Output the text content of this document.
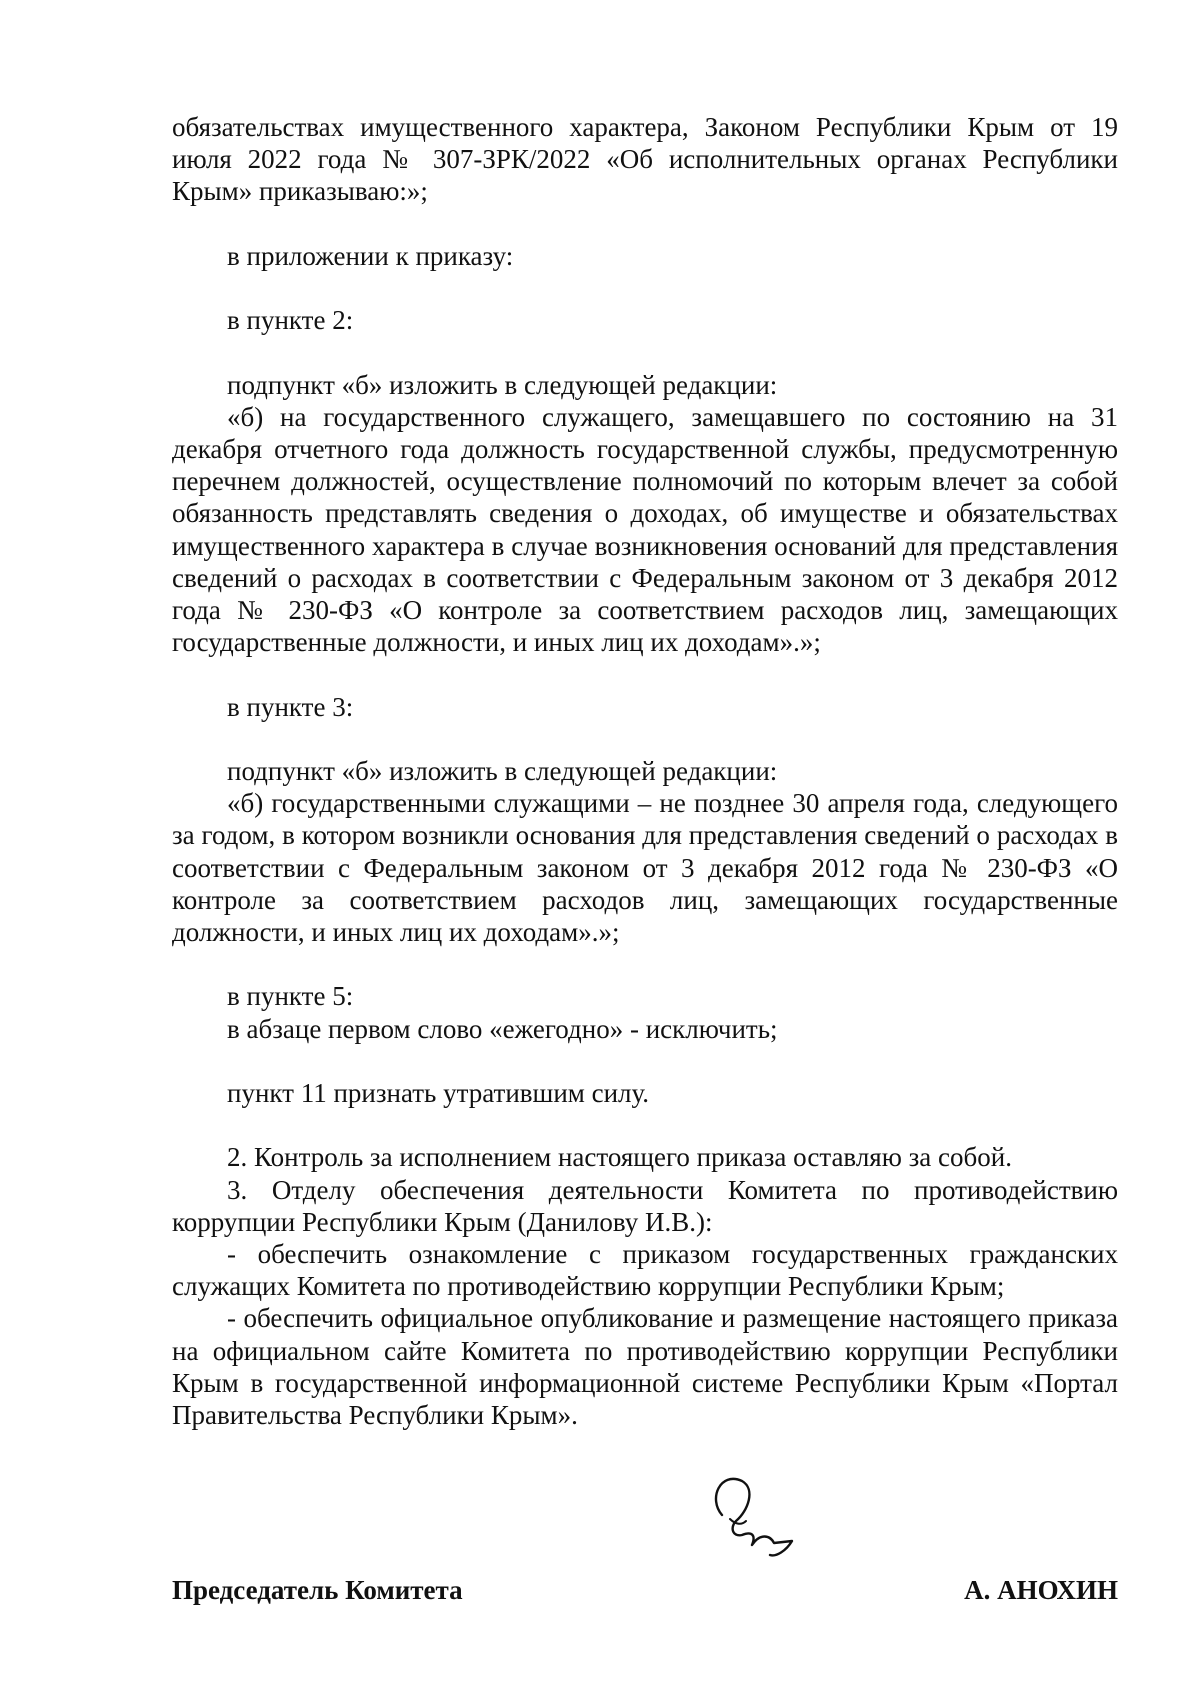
обязательствах имущественного характера, Законом Республики Крым от 19 июля 2022 года № 307-ЗРК/2022 «Об исполнительных органах Республики Крым» приказываю:»;

в приложении к приказу:

в пункте 2:

подпункт «б» изложить в следующей редакции:

«б) на государственного служащего, замещавшего по состоянию на 31 декабря отчетного года должность государственной службы, предусмотренную перечнем должностей, осуществление полномочий по которым влечет за собой обязанность представлять сведения о доходах, об имуществе и обязательствах имущественного характера в случае возникновения оснований для представления сведений о расходах в соответствии с Федеральным законом от 3 декабря 2012 года № 230-ФЗ «О контроле за соответствием расходов лиц, замещающих государственные должности, и иных лиц их доходам».»;

в пункте 3:

подпункт «б» изложить в следующей редакции:

«б) государственными служащими – не позднее 30 апреля года, следующего за годом, в котором возникли основания для представления сведений о расходах в соответствии с Федеральным законом от 3 декабря 2012 года № 230-ФЗ «О контроле за соответствием расходов лиц, замещающих государственные должности, и иных лиц их доходам».»;

в пункте 5:

в абзаце первом слово «ежегодно» - исключить;

пункт 11 признать утратившим силу.

2. Контроль за исполнением настоящего приказа оставляю за собой.

3. Отделу обеспечения деятельности Комитета по противодействию коррупции Республики Крым (Данилову И.В.):

- обеспечить ознакомление с приказом государственных гражданских служащих Комитета по противодействию коррупции Республики Крым;

- обеспечить официальное опубликование и размещение настоящего приказа на официальном сайте Комитета по противодействию коррупции Республики Крым в государственной информационной системе Республики Крым «Портал Правительства Республики Крым».

Председатель Комитета	А. АНОХИН
